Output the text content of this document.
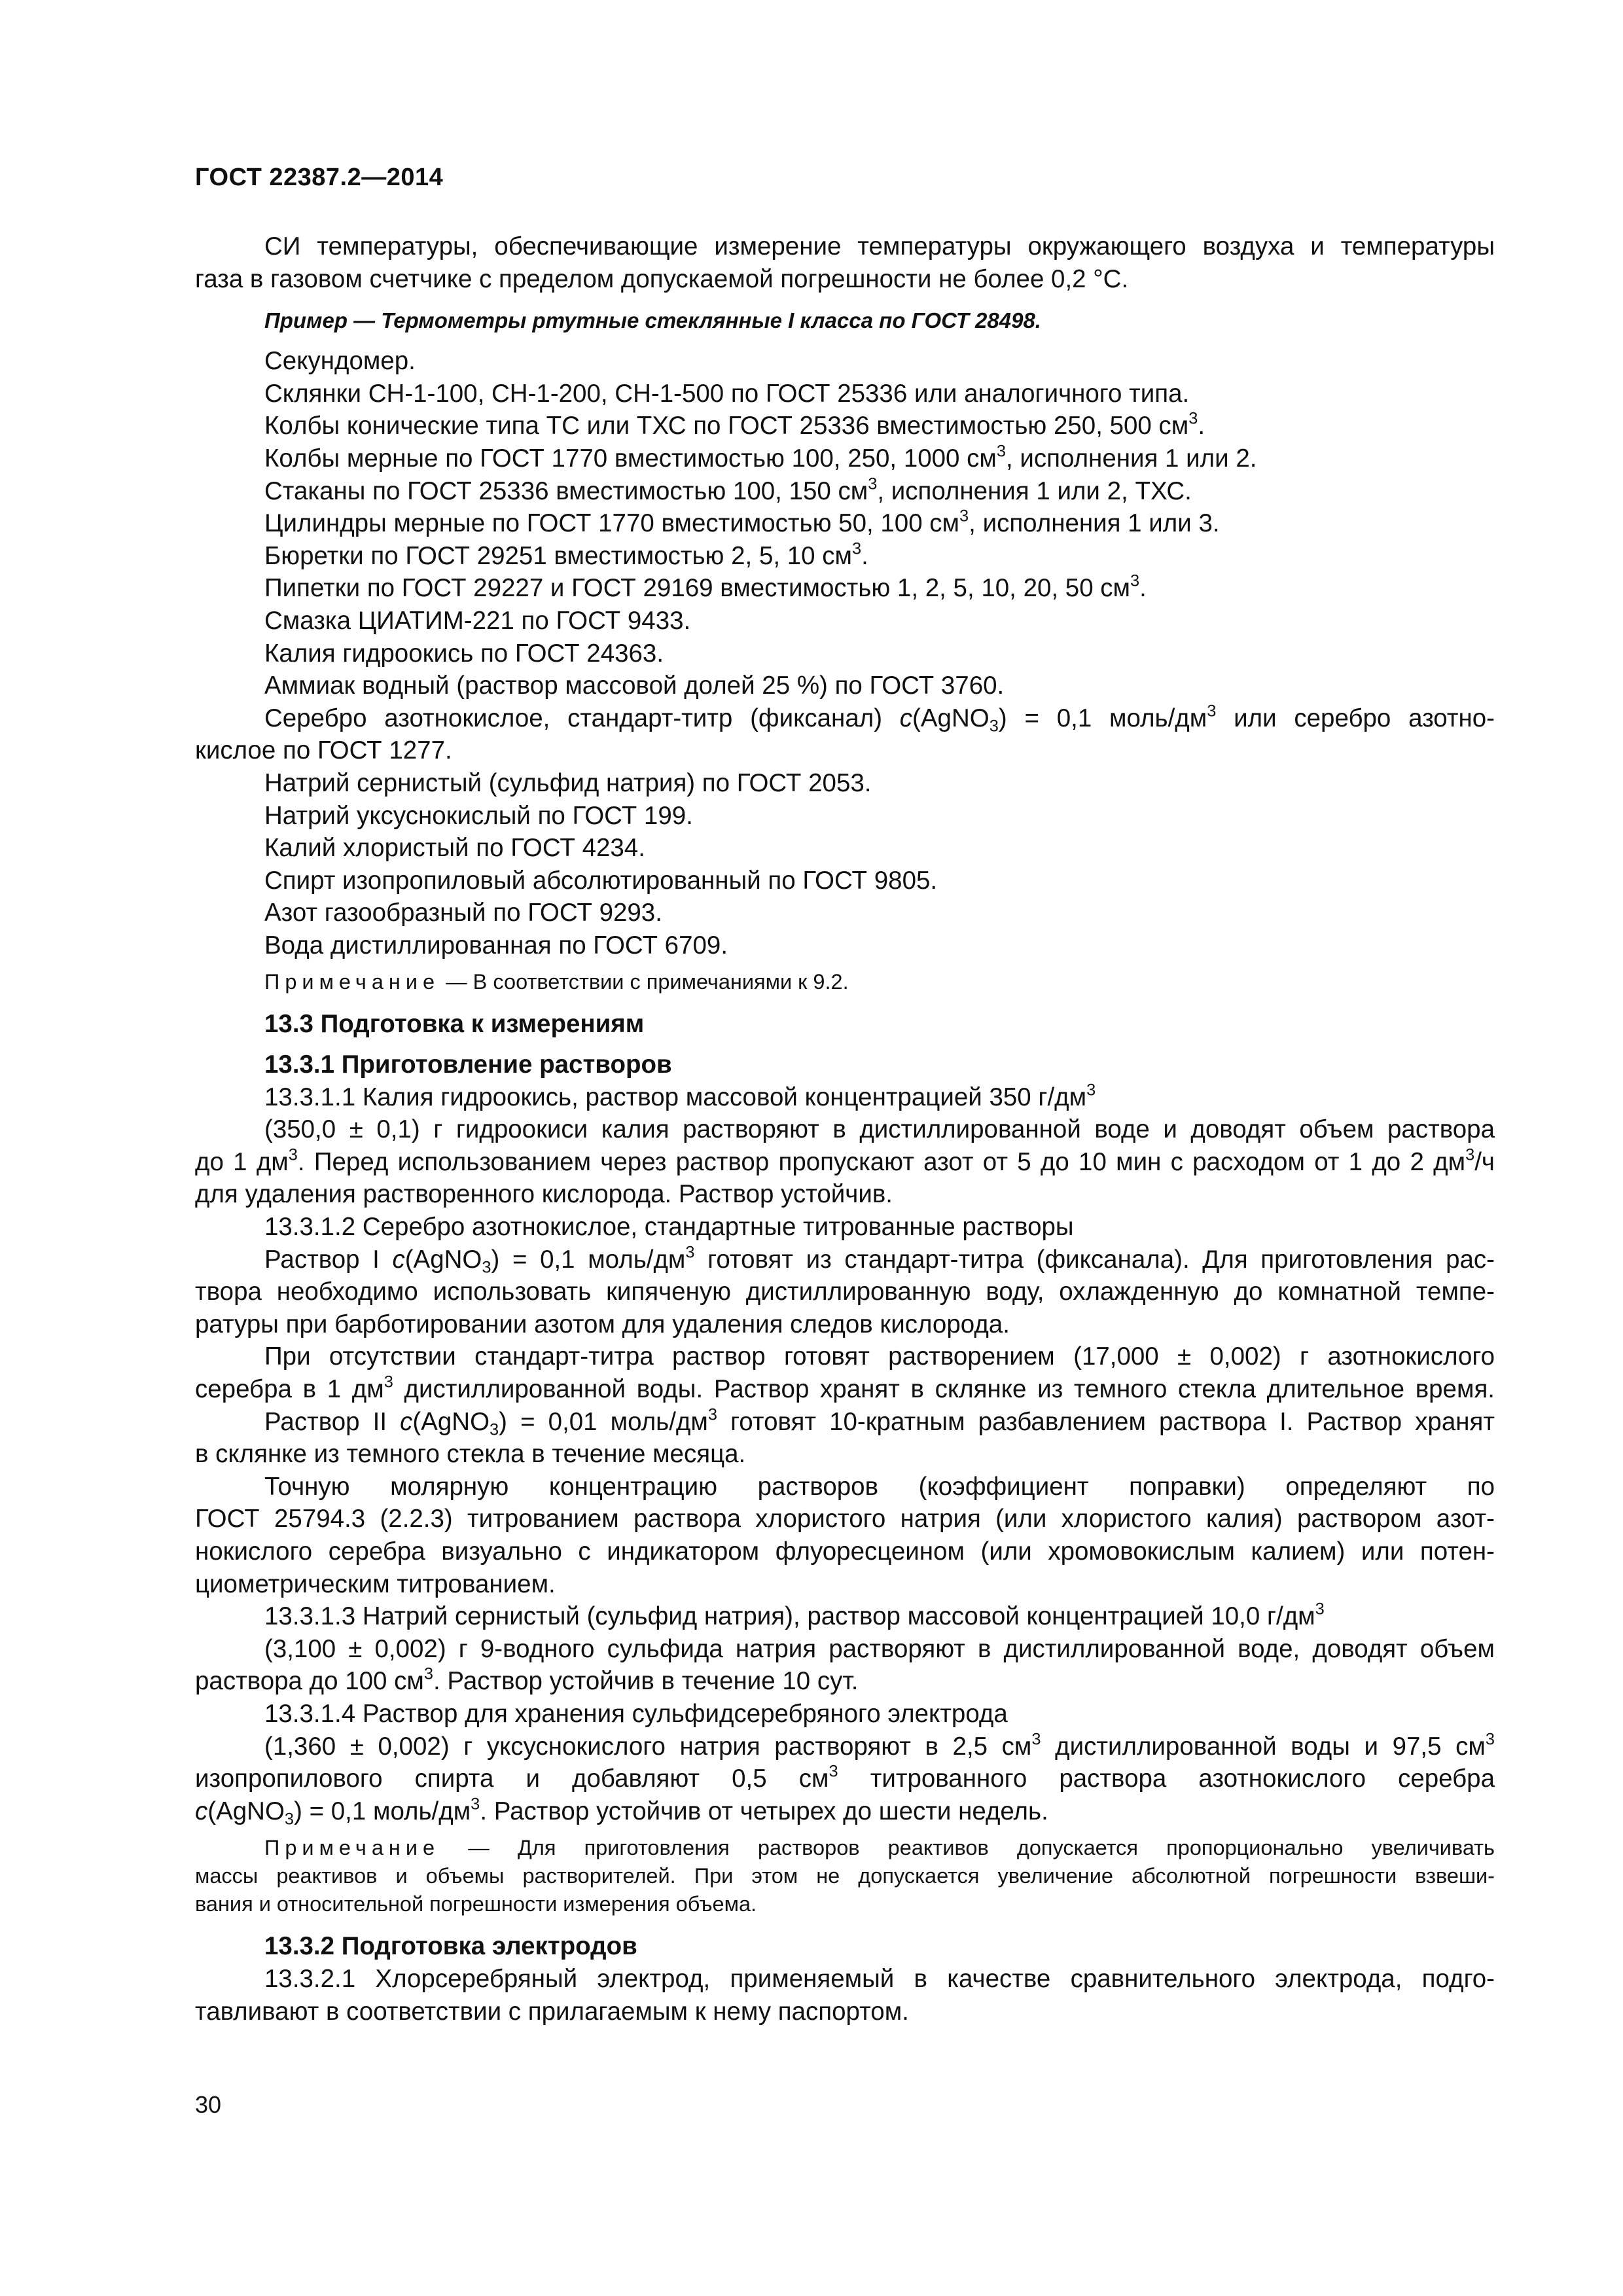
ГОСТ 22387.2—2014

СИ температуры, обеспечивающие измерение температуры окружающего воздуха и температуры

газа в газовом счетчике с пределом допускаемой погрешности не более 0,2 °С.

Пример — Термометры ртутные стеклянные I класса по ГОСТ 28498.

Секундомер.

Склянки СН-1-100, СН-1-200, СН-1-500 по ГОСТ 25336 или аналогичного типа.

Колбы конические типа ТС или ТХС по ГОСТ 25336 вместимостью 250, 500 $см^3$.

Колбы мерные по ГОСТ 1770 вместимостью 100, 250, 1000 $см^3$, исполнения 1 или 2.

Стаканы по ГОСТ 25336 вместимостью 100, 150 $см^3$, исполнения 1 или 2, ТХС.

Цилиндры мерные по ГОСТ 1770 вместимостью 50, 100 $см^3$, исполнения 1 или 3.

Бюретки по ГОСТ 29251 вместимостью 2, 5, 10 $см^3$.

Пипетки по ГОСТ 29227 и ГОСТ 29169 вместимостью 1, 2, 5, 10, 20, 50 $см^3$.

Смазка ЦИАТИМ-221 по ГОСТ 9433.

Калия гидроокись по ГОСТ 24363.

Аммиак водный (раствор массовой долей 25 %) по ГОСТ 3760.

Серебро азотнокислое, стандарт-титр (фиксанал) c(AgNO$_3$) = 0,1 моль/$дм^3$ или серебро азотно-

кислое по ГОСТ 1277.

Натрий сернистый (сульфид натрия) по ГОСТ 2053.

Натрий уксуснокислый по ГОСТ 199.

Калий хлористый по ГОСТ 4234.

Спирт изопропиловый абсолютированный по ГОСТ 9805.

Азот газообразный по ГОСТ 9293.

Вода дистиллированная по ГОСТ 6709.

Примечание — В соответствии с примечаниями к 9.2.

13.3 Подготовка к измерениям

13.3.1 Приготовление растворов

13.3.1.1 Калия гидроокись, раствор массовой концентрацией 350 $г/дм^3$

(350,0 ± 0,1) г гидроокиси калия растворяют в дистиллированной воде и доводят объем раствора

до 1 $дм^3$. Перед использованием через раствор пропускают азот от 5 до 10 мин с расходом от 1 до 2 $дм^3/ч$

для удаления растворенного кислорода. Раствор устойчив.

13.3.1.2 Серебро азотнокислое, стандартные титрованные растворы

Раствор I c(AgNO$_3$) = 0,1 моль/$дм^3$ готовят из стандарт-титра (фиксанала). Для приготовления рас-

твора необходимо использовать кипяченую дистиллированную воду, охлажденную до комнатной темпе-

ратуры при барботировании азотом для удаления следов кислорода.

При отсутствии стандарт-титра раствор готовят растворением (17,000 ± 0,002) г азотнокислого

серебра в 1 $дм^3$ дистиллированной воды. Раствор хранят в склянке из темного стекла длительное время.

Раствор II c(AgNO$_3$) = 0,01 моль/$дм^3$ готовят 10-кратным разбавлением раствора I. Раствор хранят

в склянке из темного стекла в течение месяца.

Точную молярную концентрацию растворов (коэффициент поправки) определяют по

ГОСТ 25794.3 (2.2.3) титрованием раствора хлористого натрия (или хлористого калия) раствором азот-

нокислого серебра визуально с индикатором флуоресцеином (или хромовокислым калием) или потен-

циометрическим титрованием.

13.3.1.3 Натрий сернистый (сульфид натрия), раствор массовой концентрацией 10,0 $г/дм^3$

(3,100 ± 0,002) г 9-водного сульфида натрия растворяют в дистиллированной воде, доводят объем

раствора до 100 $см^3$. Раствор устойчив в течение 10 сут.

13.3.1.4 Раствор для хранения сульфидсеребряного электрода

(1,360 ± 0,002) г уксуснокислого натрия растворяют в 2,5 $см^3$ дистиллированной воды и 97,5 $см^3$

изопропилового спирта и добавляют 0,5 $см^3$ титрованного раствора азотнокислого серебра

c(AgNO$_3$) = 0,1 моль/$дм^3$. Раствор устойчив от четырех до шести недель.

Примечание — Для приготовления растворов реактивов допускается пропорционально увеличивать

массы реактивов и объемы растворителей. При этом не допускается увеличение абсолютной погрешности взвеши-

вания и относительной погрешности измерения объема.

13.3.2 Подготовка электродов

13.3.2.1 Хлорсеребряный электрод, применяемый в качестве сравнительного электрода, подго-

тавливают в соответствии с прилагаемым к нему паспортом.

30
